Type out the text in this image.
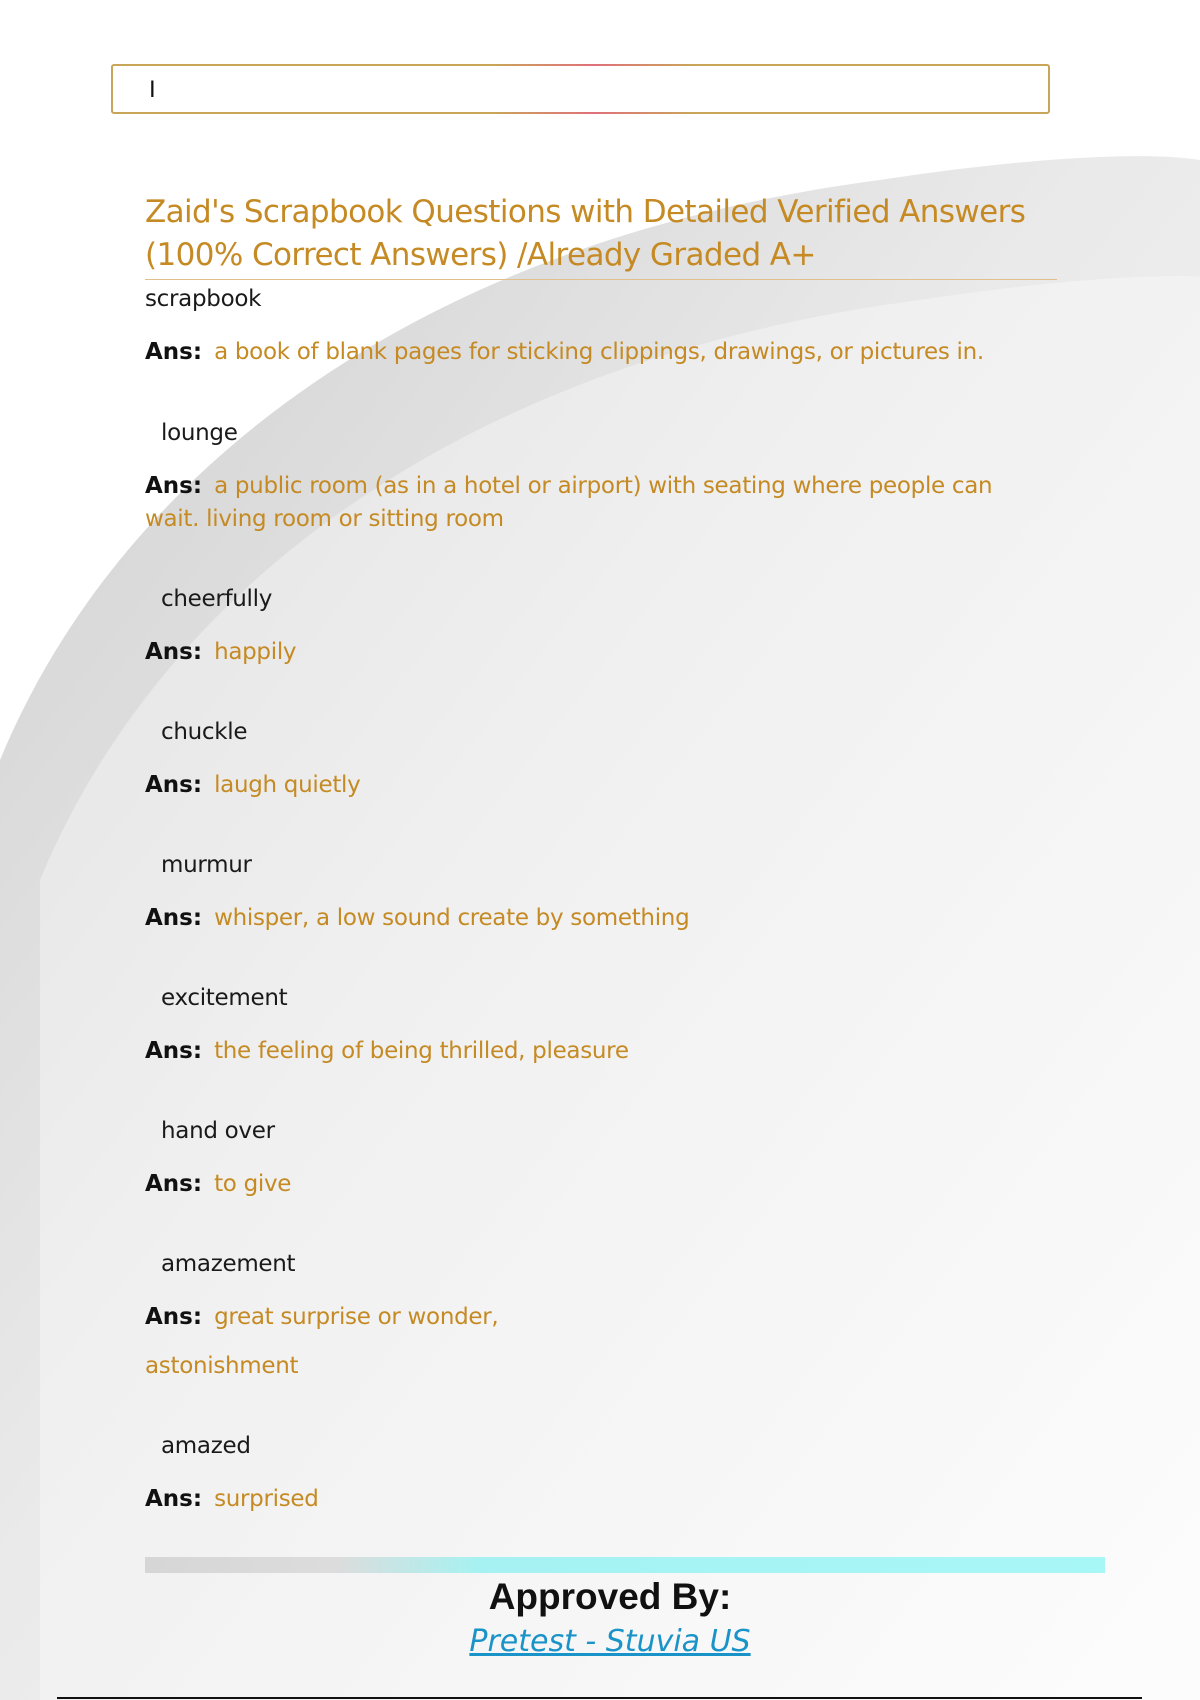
I
Zaid's Scrapbook Questions with Detailed Verified Answers (100% Correct Answers) /Already Graded A+
scrapbook
Ans: a book of blank pages for sticking clippings, drawings, or pictures in.
lounge
Ans: a public room (as in a hotel or airport) with seating where people can wait. living room or sitting room
cheerfully
Ans: happily
chuckle
Ans: laugh quietly
murmur
Ans: whisper, a low sound create by something
excitement
Ans: the feeling of being thrilled, pleasure
hand over
Ans: to give
amazement
Ans: great surprise or wonder,
astonishment
amazed
Ans: surprised
Approved By:
Pretest - Stuvia US
